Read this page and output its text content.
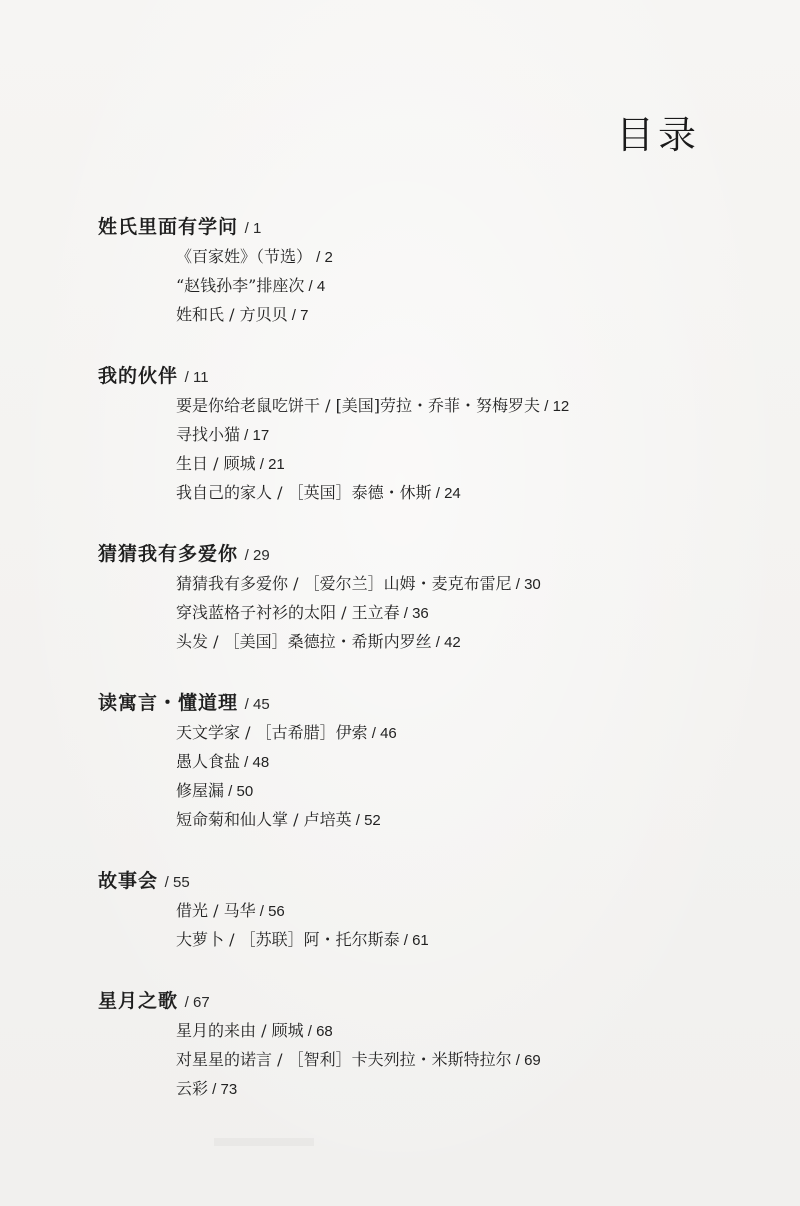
目录
姓氏里面有学问 / 1
《百家姓》（节选） / 2
“赵钱孙李”排座次 / 4
姓和氏 / 方贝贝 / 7
我的伙伴 / 11
要是你给老鼠吃饼干 / [美国]劳拉・乔菲・努梅罗夫 / 12
寻找小猫 / 17
生日 / 顾城 / 21
我自己的家人 / ［英国］泰德・休斯 / 24
猜猜我有多爱你 / 29
猜猜我有多爱你 / ［爱尔兰］山姆・麦克布雷尼 / 30
穿浅蓝格子衬衫的太阳 / 王立春 / 36
头发 / ［美国］桑德拉・希斯内罗丝 / 42
读寓言・懂道理 / 45
天文学家 / ［古希腊］伊索 / 46
愚人食盐 / 48
修屋漏 / 50
短命菊和仙人掌 / 卢培英 / 52
故事会 / 55
借光 / 马华 / 56
大萝卜 / ［苏联］阿・托尔斯泰 / 61
星月之歌 / 67
星月的来由 / 顾城 / 68
对星星的诺言 / ［智利］卡夫列拉・米斯特拉尔 / 69
云彩 / 73
